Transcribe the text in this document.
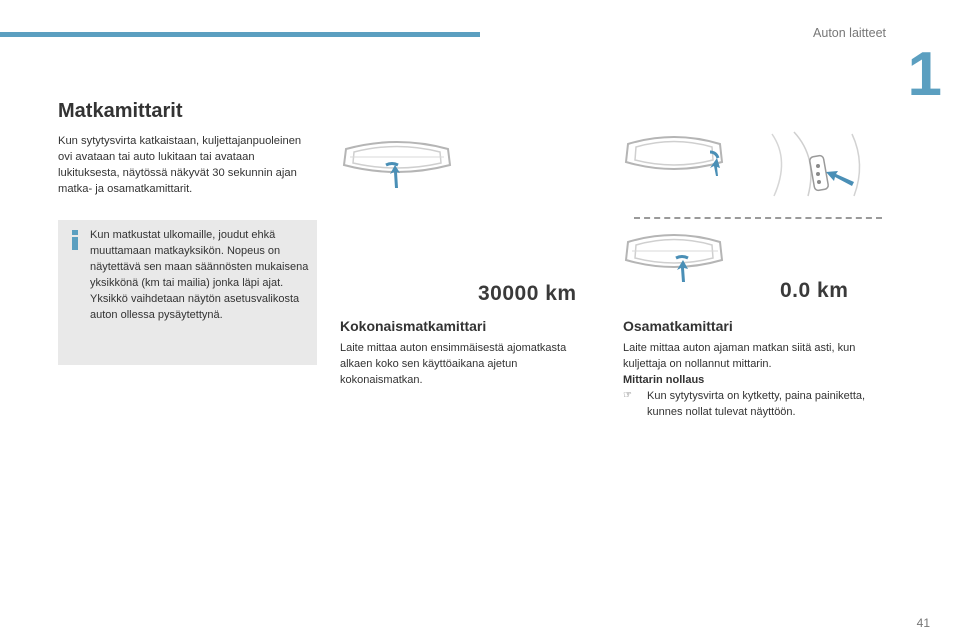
Auton laitteet
1
Matkamittarit
Kun sytytysvirta katkaistaan, kuljettajanpuoleinen ovi avataan tai auto lukitaan tai avataan lukituksesta, näytössä näkyvät 30 sekunnin ajan matka- ja osamatkamittarit.

Kun matkustat ulkomaille, joudut ehkä muuttamaan matkayksikön. Nopeus on näytettävä sen maan säännösten mukaisena yksikkönä (km tai mailia) jonka läpi ajat.

Yksikkö vaihdetaan näytön asetusvalikosta auton ollessa pysäytettynä.

30000 km	0.0 km
Kokonaismatkamittari
Laite mittaa auton ensimmäisestä ajomatkasta alkaen koko sen käyttöaikana ajetun kokonaismatkan.
Osamatkamittari

Laite mittaa auton ajaman matkan siitä asti, kun kuljettaja on nollannut mittarin.

Mittarin nollaus

☞	Kun sytytysvirta on kytketty, paina painiketta, kunnes nollat tulevat näyttöön.
41
